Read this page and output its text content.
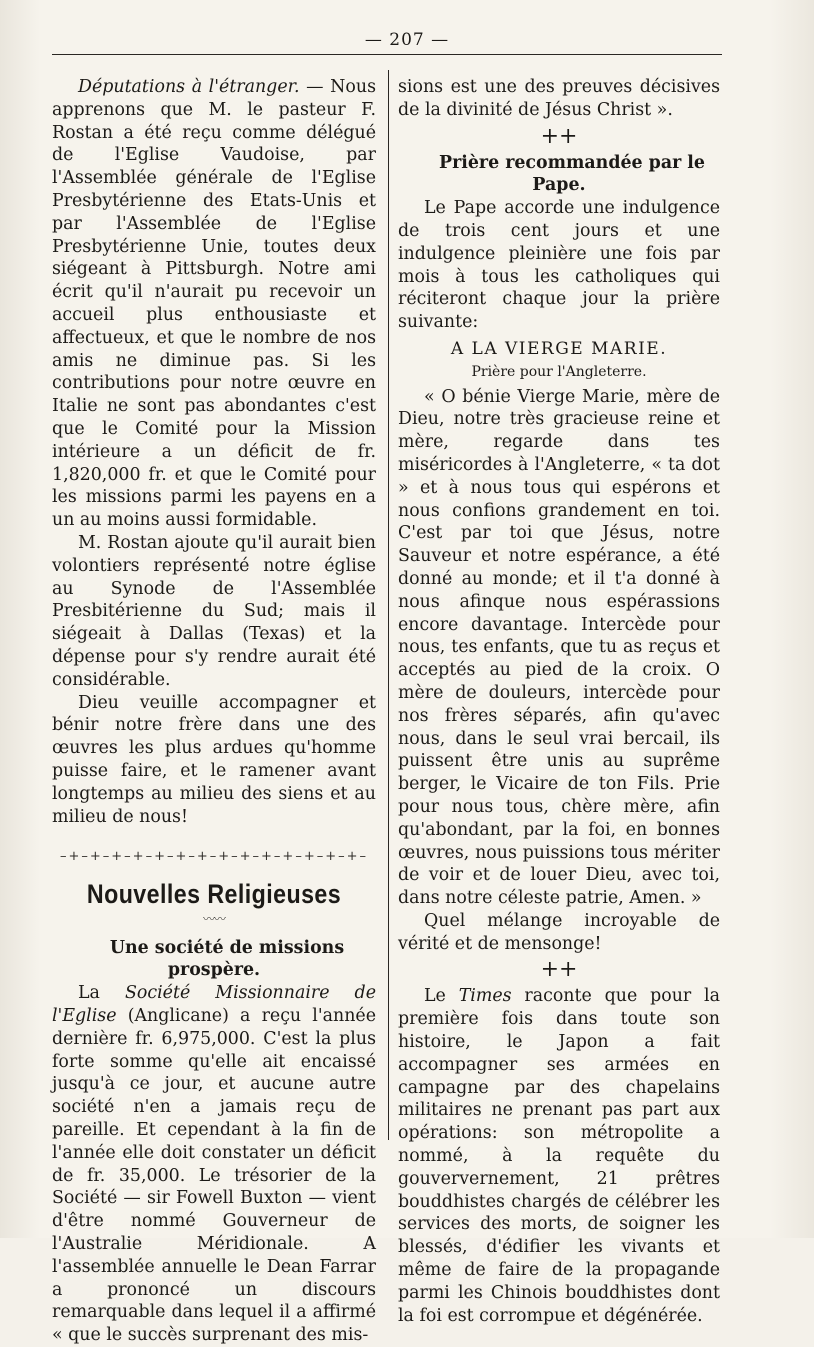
— 207 —

Députations à l'étranger. — Nous apprenons que M. le pasteur F. Rostan a été reçu comme délégué de l'Eglise Vaudoise, par l'Assemblée générale de l'Eglise Presbytérienne des Etats-Unis et par l'Assemblée de l'Eglise Presbytérienne Unie, toutes deux siégeant à Pittsburgh. Notre ami écrit qu'il n'aurait pu recevoir un accueil plus enthousiaste et affectueux, et que le nombre de nos amis ne diminue pas. Si les contributions pour notre œuvre en Italie ne sont pas abondantes c'est que le Comité pour la Mission intérieure a un déficit de fr. 1,820,000 fr. et que le Comité pour les missions parmi les payens en a un au moins aussi formidable.

M. Rostan ajoute qu'il aurait bien volontiers représenté notre église au Synode de l'Assemblée Presbitérienne du Sud; mais il siégeait à Dallas (Texas) et la dépense pour s'y rendre aurait été considérable.

Dieu veuille accompagner et bénir notre frère dans une des œuvres les plus ardues qu'homme puisse faire, et le ramener avant longtemps au milieu des siens et au milieu de nous!

–+–+–+–+–+–+–+–+–+–+–+–+–+–+–
Nouvelles Religieuses
〰〰

Une société de missions prospère.

La Société Missionnaire de l'Eglise (Anglicane) a reçu l'année dernière fr. 6,975,000. C'est la plus forte somme qu'elle ait encaissé jusqu'à ce jour, et aucune autre société n'en a jamais reçu de pareille. Et cependant à la fin de l'année elle doit constater un déficit de fr. 35,000. Le trésorier de la Société — sir Fowell Buxton — vient d'être nommé Gouverneur de l'Australie Méridionale. A l'assemblée annuelle le Dean Farrar a prononcé un discours remarquable dans lequel il a affirmé « que le succès surprenant des mis-

sions est une des preuves décisives de la divinité de Jésus Christ ».

++

Prière recommandée par le Pape.

Le Pape accorde une indulgence de trois cent jours et une indulgence pleinière une fois par mois à tous les catholiques qui réciteront chaque jour la prière suivante:

A LA VIERGE MARIE.
Prière pour l'Angleterre.

« O bénie Vierge Marie, mère de Dieu, notre très gracieuse reine et mère, regarde dans tes miséricordes à l'Angleterre, « ta dot » et à nous tous qui espérons et nous confions grandement en toi. C'est par toi que Jésus, notre Sauveur et notre espérance, a été donné au monde; et il t'a donné à nous afinque nous espérassions encore davantage. Intercède pour nous, tes enfants, que tu as reçus et acceptés au pied de la croix. O mère de douleurs, intercède pour nos frères séparés, afin qu'avec nous, dans le seul vrai bercail, ils puissent être unis au suprême berger, le Vicaire de ton Fils. Prie pour nous tous, chère mère, afin qu'abondant, par la foi, en bonnes œuvres, nous puissions tous mériter de voir et de louer Dieu, avec toi, dans notre céleste patrie, Amen. »

Quel mélange incroyable de vérité et de mensonge!

++

Le Times raconte que pour la première fois dans toute son histoire, le Japon a fait accompagner ses armées en campagne par des chapelains militaires ne prenant pas part aux opérations: son métropolite a nommé, à la requête du gouververnement, 21 prêtres bouddhistes chargés de célébrer les services des morts, de soigner les blessés, d'édifier les vivants et même de faire de la propagande parmi les Chinois bouddhistes dont la foi est corrompue et dégénérée.
